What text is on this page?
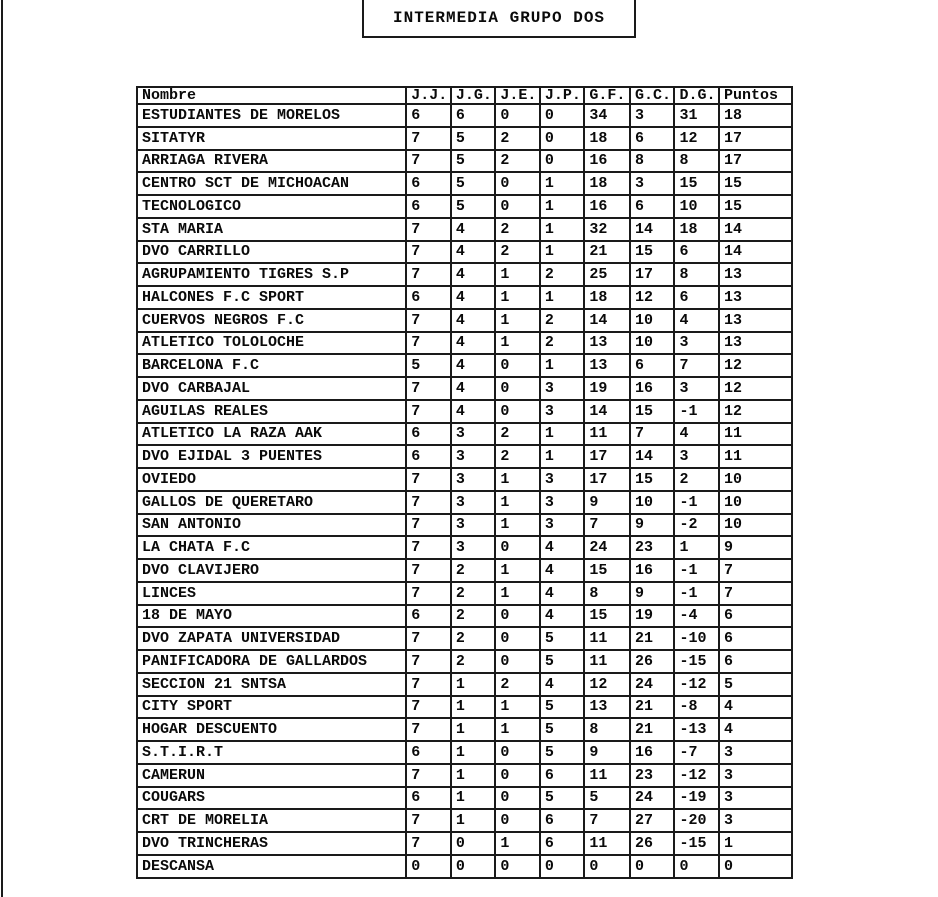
INTERMEDIA GRUPO DOS
Nombre	J.J.	J.G.	J.E.	J.P.	G.F.	G.C.	D.G.	Puntos
ESTUDIANTES DE MORELOS	6	6	0	0	34	3	31	18
SITATYR	7	5	2	0	18	6	12	17
ARRIAGA RIVERA	7	5	2	0	16	8	8	17
CENTRO SCT DE MICHOACAN	6	5	0	1	18	3	15	15
TECNOLOGICO	6	5	0	1	16	6	10	15
STA MARIA	7	4	2	1	32	14	18	14
DVO CARRILLO	7	4	2	1	21	15	6	14
AGRUPAMIENTO TIGRES S.P	7	4	1	2	25	17	8	13
HALCONES F.C SPORT	6	4	1	1	18	12	6	13
CUERVOS NEGROS F.C	7	4	1	2	14	10	4	13
ATLETICO TOLOLOCHE	7	4	1	2	13	10	3	13
BARCELONA F.C	5	4	0	1	13	6	7	12
DVO CARBAJAL	7	4	0	3	19	16	3	12
AGUILAS REALES	7	4	0	3	14	15	-1	12
ATLETICO LA RAZA AAK	6	3	2	1	11	7	4	11
DVO EJIDAL 3 PUENTES	6	3	2	1	17	14	3	11
OVIEDO	7	3	1	3	17	15	2	10
GALLOS DE QUERETARO	7	3	1	3	9	10	-1	10
SAN ANTONIO	7	3	1	3	7	9	-2	10
LA CHATA F.C	7	3	0	4	24	23	1	9
DVO CLAVIJERO	7	2	1	4	15	16	-1	7
LINCES	7	2	1	4	8	9	-1	7
18 DE MAYO	6	2	0	4	15	19	-4	6
DVO ZAPATA UNIVERSIDAD	7	2	0	5	11	21	-10	6
PANIFICADORA DE GALLARDOS	7	2	0	5	11	26	-15	6
SECCION 21 SNTSA	7	1	2	4	12	24	-12	5
CITY SPORT	7	1	1	5	13	21	-8	4
HOGAR DESCUENTO	7	1	1	5	8	21	-13	4
S.T.I.R.T	6	1	0	5	9	16	-7	3
CAMERUN	7	1	0	6	11	23	-12	3
COUGARS	6	1	0	5	5	24	-19	3
CRT DE MORELIA	7	1	0	6	7	27	-20	3
DVO TRINCHERAS	7	0	1	6	11	26	-15	1
DESCANSA	0	0	0	0	0	0	0	0
